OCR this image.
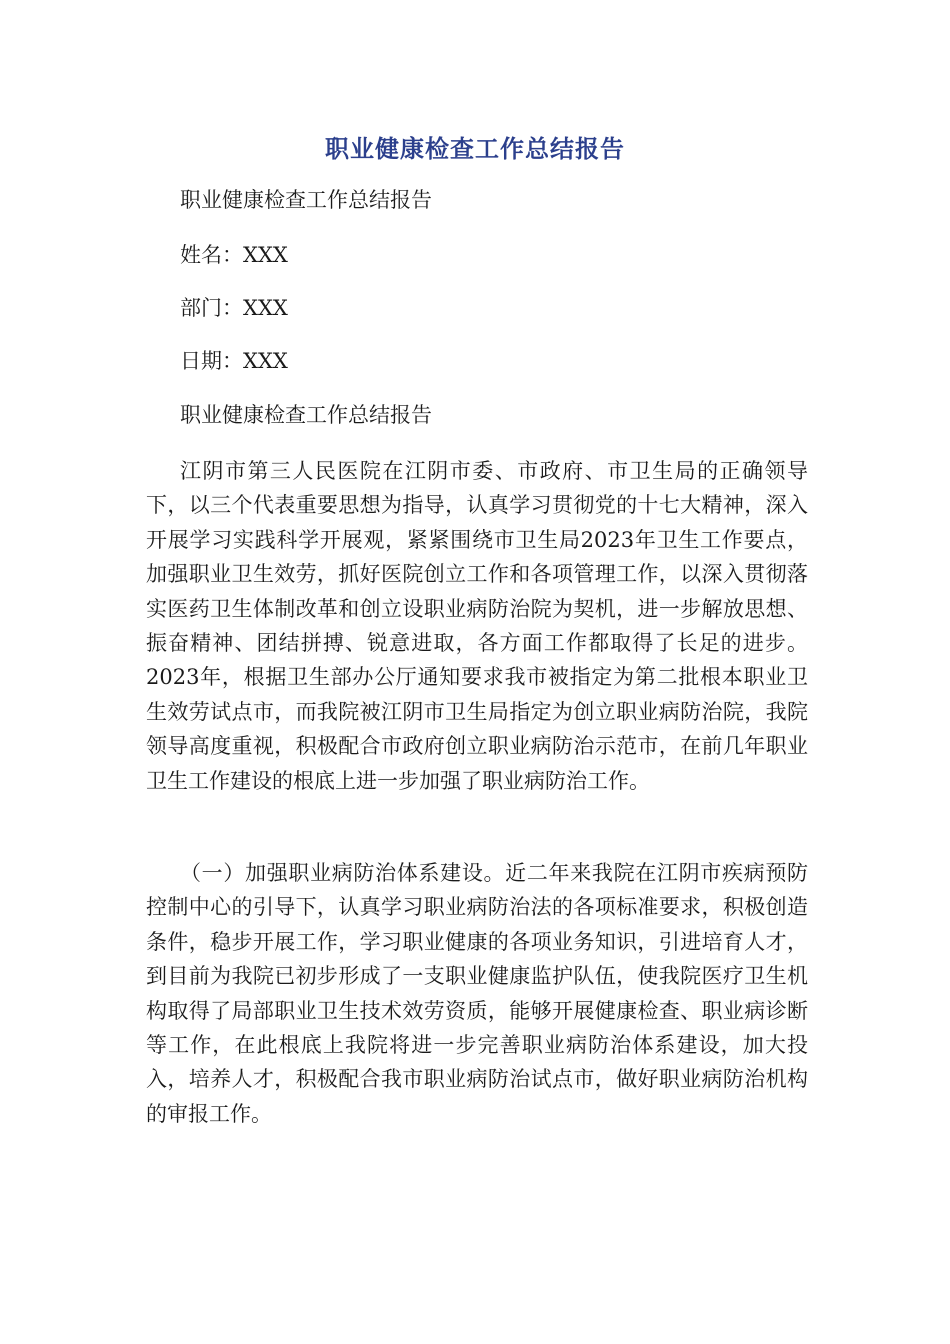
职业健康检查工作总结报告

职业健康检查工作总结报告

姓名：XXX

部门：XXX

日期：XXX

职业健康检查工作总结报告

江阴市第三人民医院在江阴市委、市政府、市卫生局的正确领导下，以三个代表重要思想为指导，认真学习贯彻党的十七大精神，深入开展学习实践科学开展观，紧紧围绕市卫生局2023年卫生工作要点，加强职业卫生效劳，抓好医院创立工作和各项管理工作，以深入贯彻落实医药卫生体制改革和创立设职业病防治院为契机，进一步解放思想、振奋精神、团结拼搏、锐意进取，各方面工作都取得了长足的进步。2023年，根据卫生部办公厅通知要求我市被指定为第二批根本职业卫生效劳试点市，而我院被江阴市卫生局指定为创立职业病防治院，我院领导高度重视，积极配合市政府创立职业病防治示范市，在前几年职业卫生工作建设的根底上进一步加强了职业病防治工作。

（一）加强职业病防治体系建设。近二年来我院在江阴市疾病预防控制中心的引导下，认真学习职业病防治法的各项标准要求，积极创造条件，稳步开展工作，学习职业健康的各项业务知识，引进培育人才，到目前为我院已初步形成了一支职业健康监护队伍，使我院医疗卫生机构取得了局部职业卫生技术效劳资质，能够开展健康检查、职业病诊断等工作，在此根底上我院将进一步完善职业病防治体系建设，加大投入，培养人才，积极配合我市职业病防治试点市，做好职业病防治机构的审报工作。
